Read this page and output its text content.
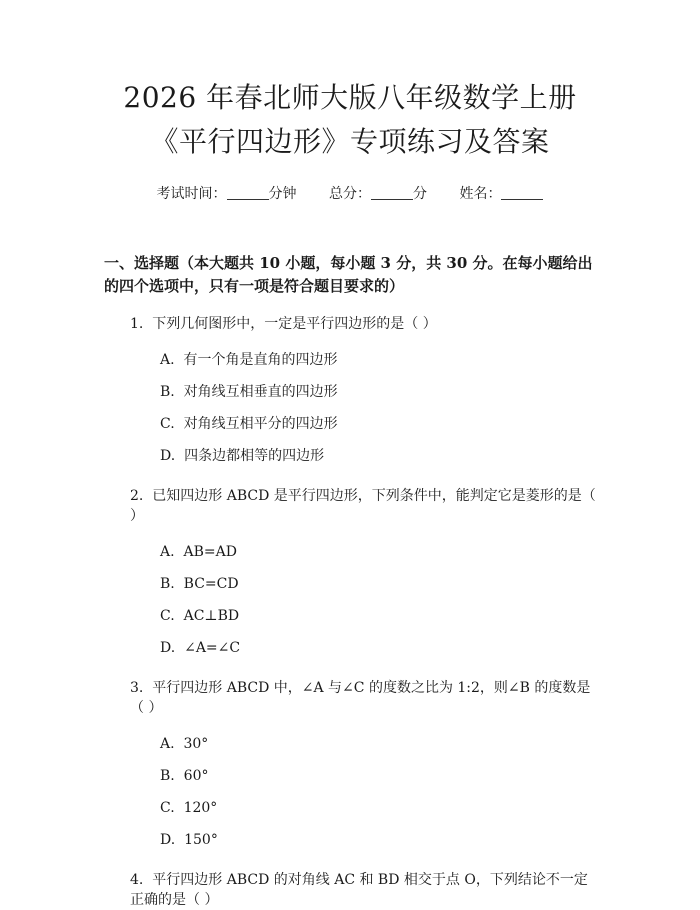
2026 年春北师大版八年级数学上册《平行四边形》专项练习及答案
考试时间：	分钟 总分：	分 姓名：
一、选择题（本大题共 10 小题，每小题 3 分，共 30 分。在每小题给出的四个选项中，只有一项是符合题目要求的）
1. 下列几何图形中，一定是平行四边形的是（ ）
A. 有一个角是直角的四边形
B. 对角线互相垂直的四边形
C. 对角线互相平分的四边形
D. 四条边都相等的四边形
2. 已知四边形 ABCD 是平行四边形，下列条件中，能判定它是菱形的是（ ）
A. AB=AD
B. BC=CD
C. AC⊥BD
D. ∠A=∠C
3. 平行四边形 ABCD 中，∠A 与∠C 的度数之比为 1:2，则∠B 的度数是（ ）
A. 30°
B. 60°
C. 120°
D. 150°
4. 平行四边形 ABCD 的对角线 AC 和 BD 相交于点 O，下列结论不一定正确的是（ ）
